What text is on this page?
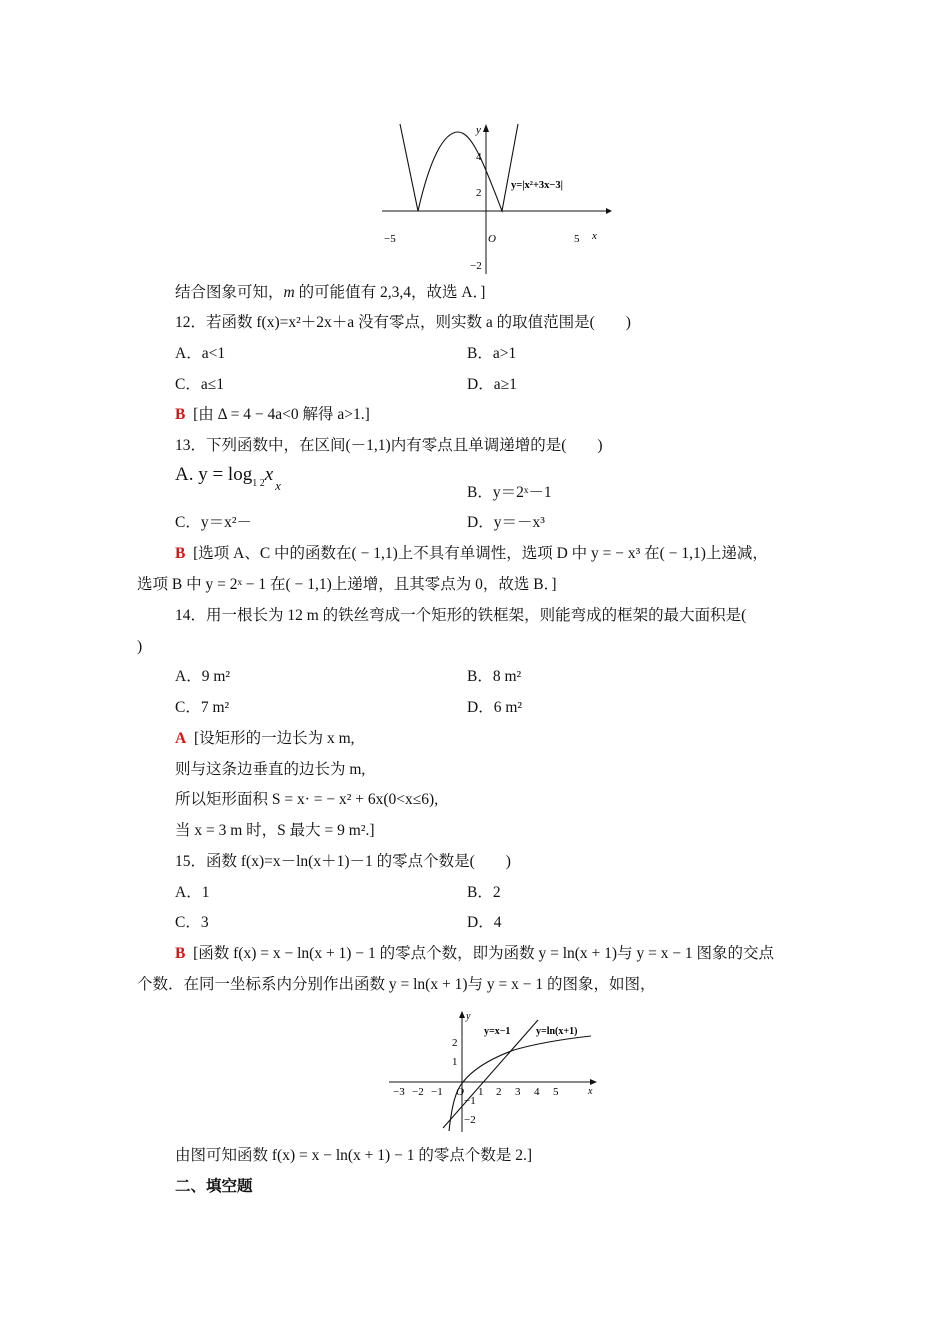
y
x
4
2
−2
−5	O	5
y=|x²+3x−3|
结合图象可知，m 的可能值有 2,3,4，故选 A．]
12．若函数 f(x)=x²＋2x＋a 没有零点，则实数 a 的取值范围是(　　)
A．a<1	B．a>1
C．a≤1	D．a≥1
B [由 Δ = 4 − 4a<0 解得 a>1.]
13．下列函数中，在区间(－1,1)内有零点且单调递增的是(　　)
A. $y = \log_{1 2}x_x$	B．y＝2ˣ－1
C．y＝x²－	D．y＝－x³
B [选项 A、C 中的函数在( − 1,1)上不具有单调性，选项 D 中 y = − x³ 在( − 1,1)上递减，
选项 B 中 y = 2ˣ − 1 在( − 1,1)上递增，且其零点为 0，故选 B．]
14．用一根长为 12 m 的铁丝弯成一个矩形的铁框架，则能弯成的框架的最大面积是(
)
A．9 m²	B．8 m²
C．7 m²	D．6 m²
A [设矩形的一边长为 x m,
则与这条边垂直的边长为 m,
所以矩形面积 S = x· = − x² + 6x(0<x≤6),
当 x = 3 m 时，S 最大 = 9 m².]
15．函数 f(x)=x－ln(x＋1)－1 的零点个数是(　　)
A．1	B．2
C．3	D．4
B [函数 f(x) = x − ln(x + 1) − 1 的零点个数，即为函数 y = ln(x + 1)与 y = x − 1 图象的交点
个数．在同一坐标系内分别作出函数 y = ln(x + 1)与 y = x − 1 的图象，如图，
y
x
y=x−1	y=ln(x+1)
2
1
−1
−2
−3 −2 −1 O 1 2 3 4 5
由图可知函数 f(x) = x − ln(x + 1) − 1 的零点个数是 2.]
二、填空题
